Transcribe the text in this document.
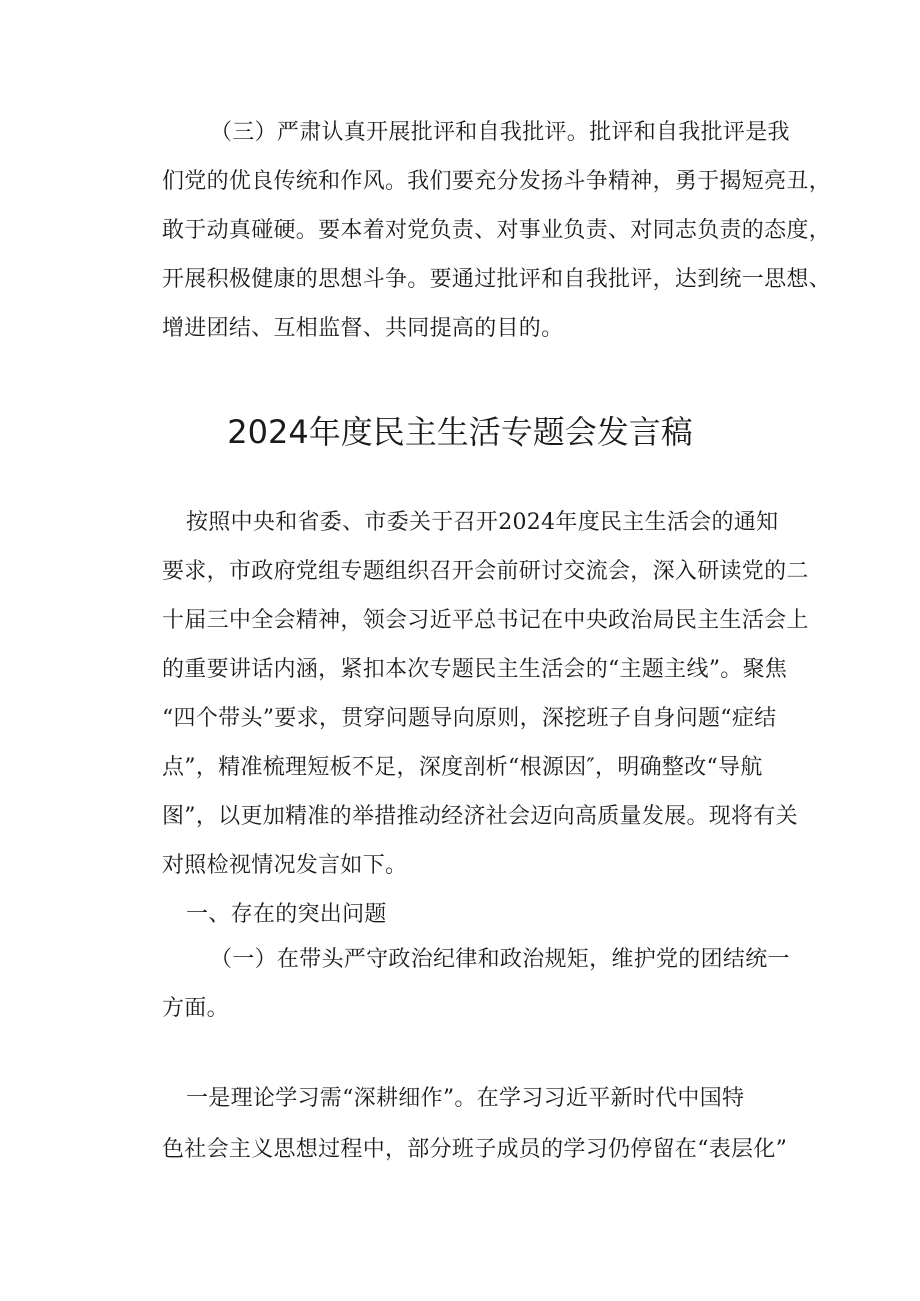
（三）严肃认真开展批评和自我批评。批评和自我批评是我
们党的优良传统和作风。我们要充分发扬斗争精神，勇于揭短亮丑，
敢于动真碰硬。要本着对党负责、对事业负责、对同志负责的态度，
开展积极健康的思想斗争。要通过批评和自我批评，达到统一思想、
增进团结、互相监督、共同提高的目的。
2024年度民主生活专题会发言稿
按照中央和省委、市委关于召开2024年度民主生活会的通知
要求，市政府党组专题组织召开会前研讨交流会，深入研读党的二
十届三中全会精神，领会习近平总书记在中央政治局民主生活会上
的重要讲话内涵，紧扣本次专题民主生活会的“主题主线”。聚焦
“四个带头”要求，贯穿问题导向原则，深挖班子自身问题“症结
点”，精准梳理短板不足，深度剖析“根源因″，明确整改“导航
图”，以更加精准的举措推动经济社会迈向高质量发展。现将有关
对照检视情况发言如下。
一、存在的突出问题
（一）在带头严守政治纪律和政治规矩，维护党的团结统一
方面。
一是理论学习需“深耕细作”。在学习习近平新时代中国特
色社会主义思想过程中，部分班子成员的学习仍停留在“表层化”
